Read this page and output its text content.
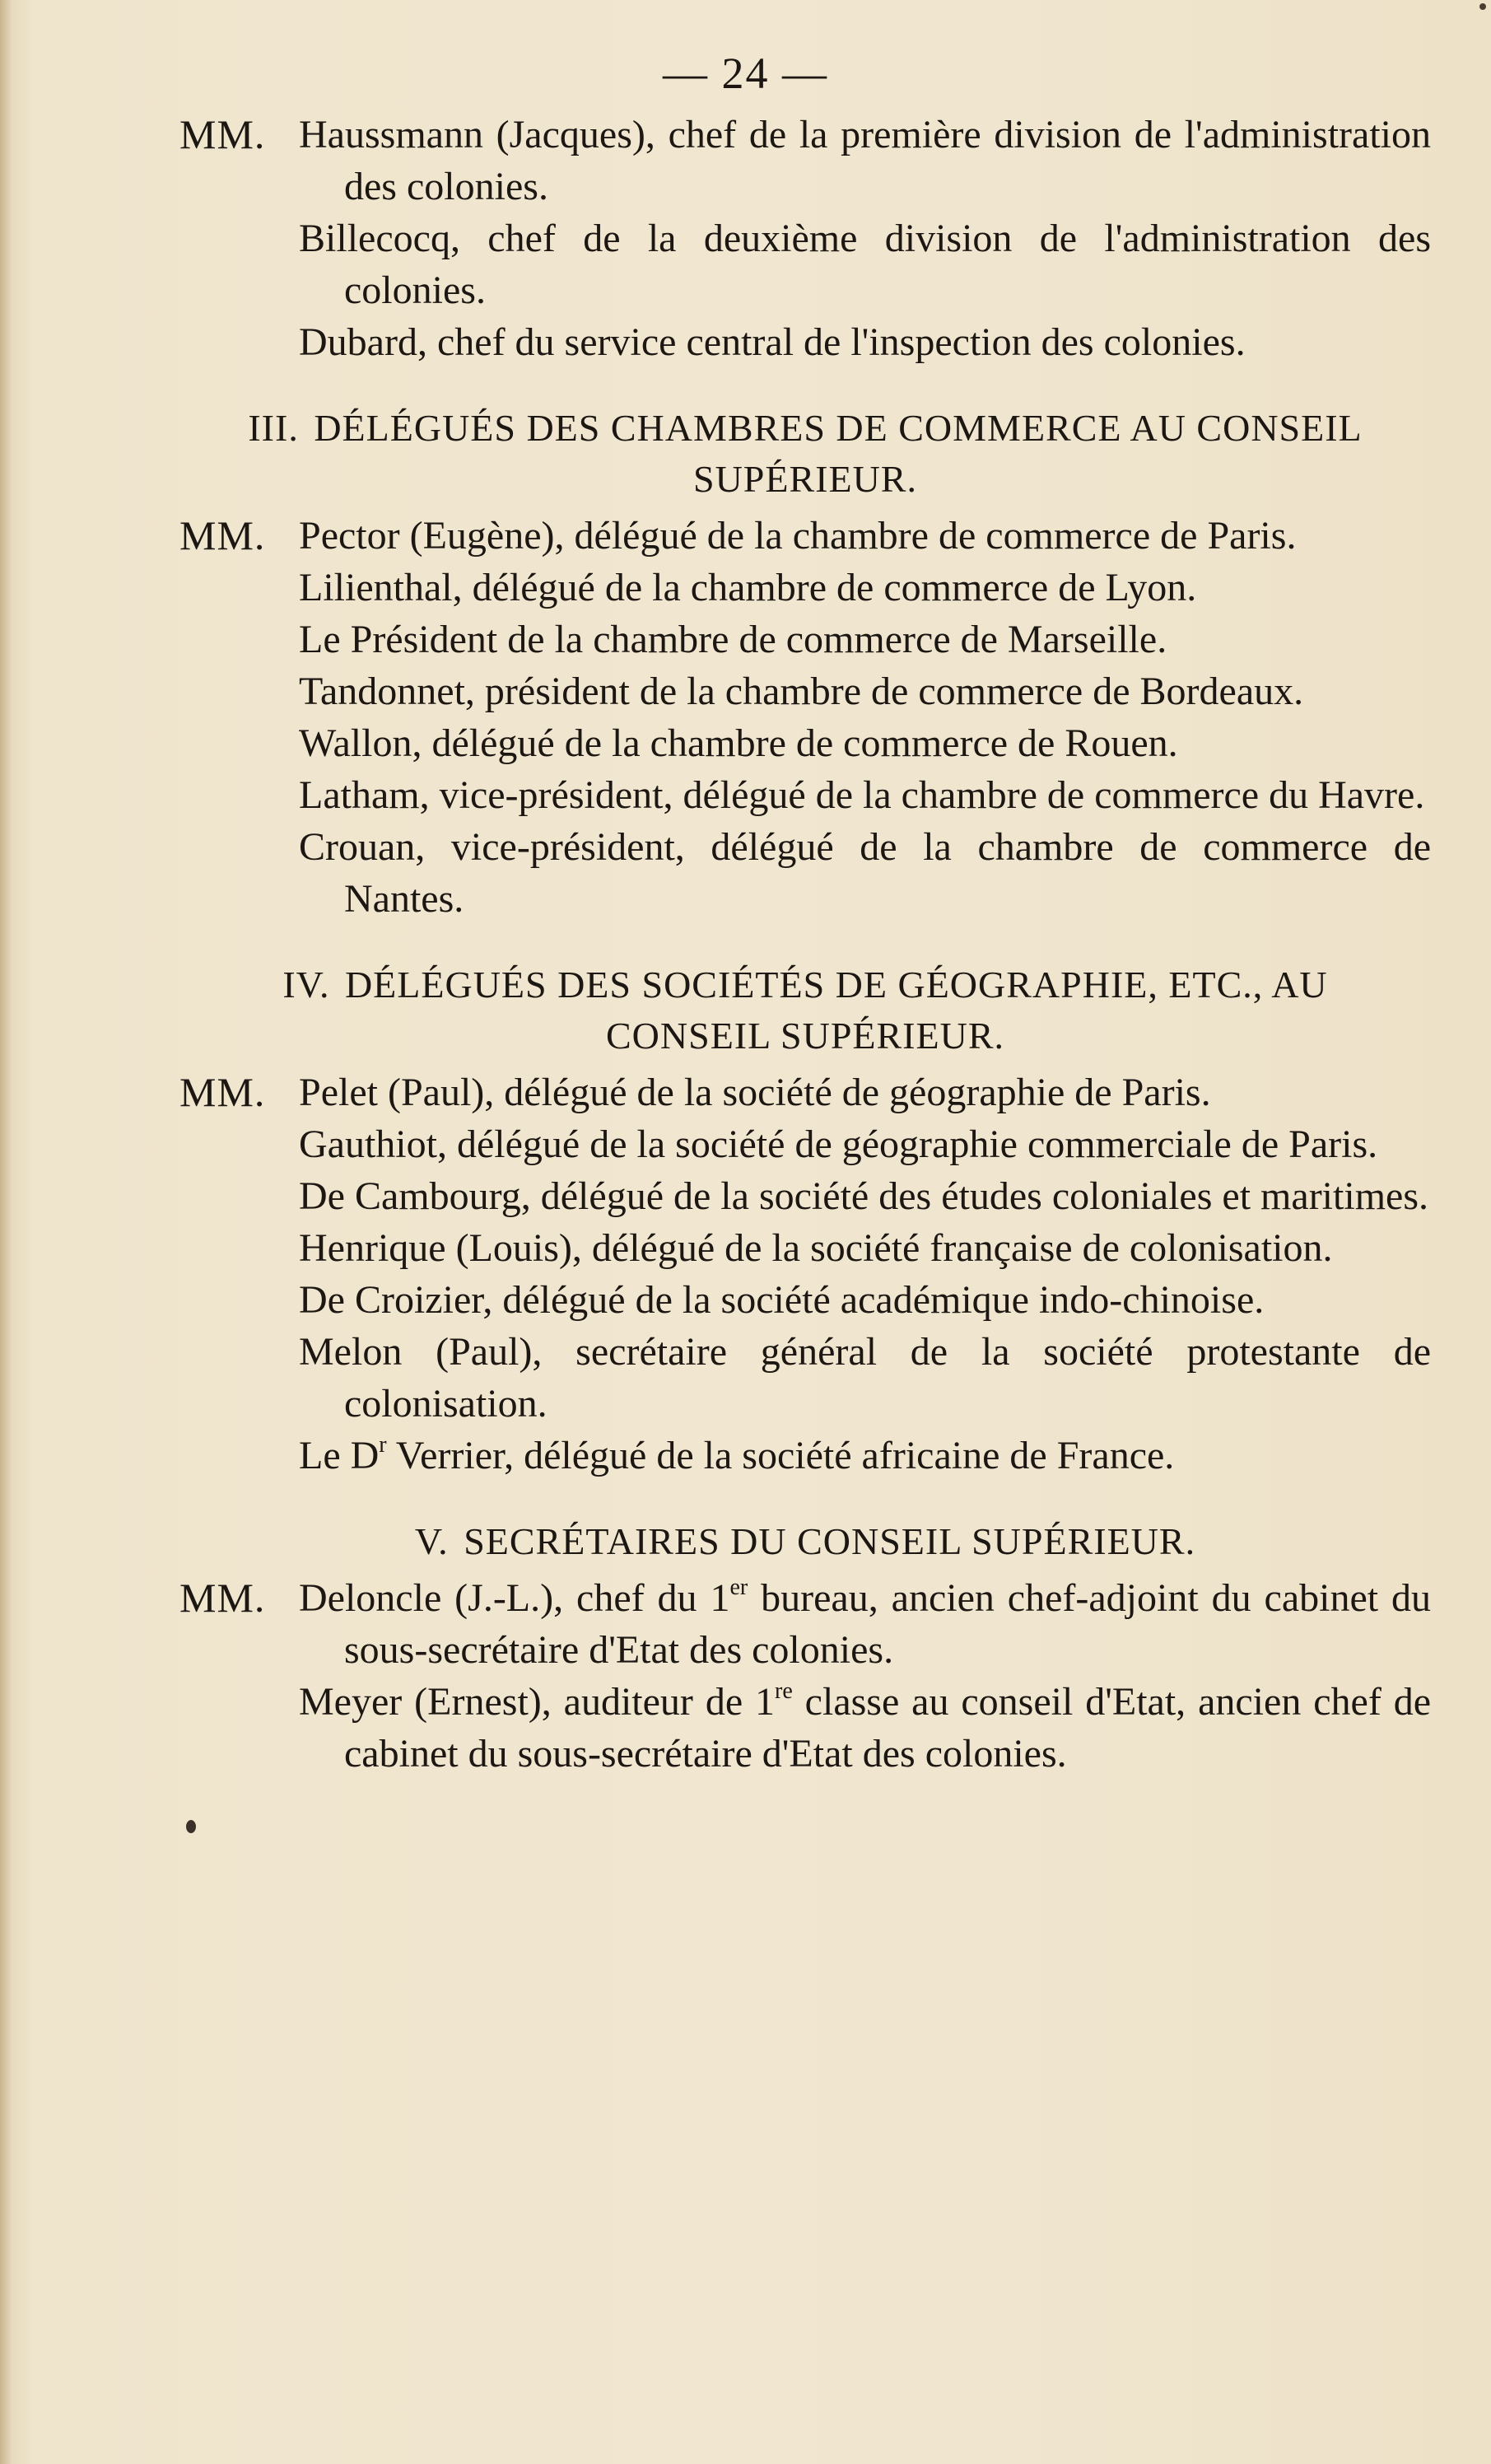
— 24 —
MM. Haussmann (Jacques), chef de la première division de l'administration des colonies.
Billecocq, chef de la deuxième division de l'administration des colonies.
Dubard, chef du service central de l'inspection des colonies.
III. DÉLÉGUÉS DES CHAMBRES DE COMMERCE AU CONSEIL SUPÉRIEUR.
MM. Pector (Eugène), délégué de la chambre de commerce de Paris.
Lilienthal, délégué de la chambre de commerce de Lyon.
Le Président de la chambre de commerce de Marseille.
Tandonnet, président de la chambre de commerce de Bordeaux.
Wallon, délégué de la chambre de commerce de Rouen.
Latham, vice-président, délégué de la chambre de commerce du Havre.
Crouan, vice-président, délégué de la chambre de commerce de Nantes.
IV. DÉLÉGUÉS DES SOCIÉTÉS DE GÉOGRAPHIE, ETC., AU CONSEIL SUPÉRIEUR.
MM. Pelet (Paul), délégué de la société de géographie de Paris.
Gauthiot, délégué de la société de géographie commerciale de Paris.
De Cambourg, délégué de la société des études coloniales et maritimes.
Henrique (Louis), délégué de la société française de colonisation.
De Croizier, délégué de la société académique indo-chinoise.
Melon (Paul), secrétaire général de la société protestante de colonisation.
Le $D^r$ Verrier, délégué de la société africaine de France.
V. SECRÉTAIRES DU CONSEIL SUPÉRIEUR.
MM. Deloncle (J.-L.), chef du 1er bureau, ancien chef-adjoint du cabinet du sous-secrétaire d'Etat des colonies.
Meyer (Ernest), auditeur de 1re classe au conseil d'Etat, ancien chef de cabinet du sous-secrétaire d'Etat des colonies.
